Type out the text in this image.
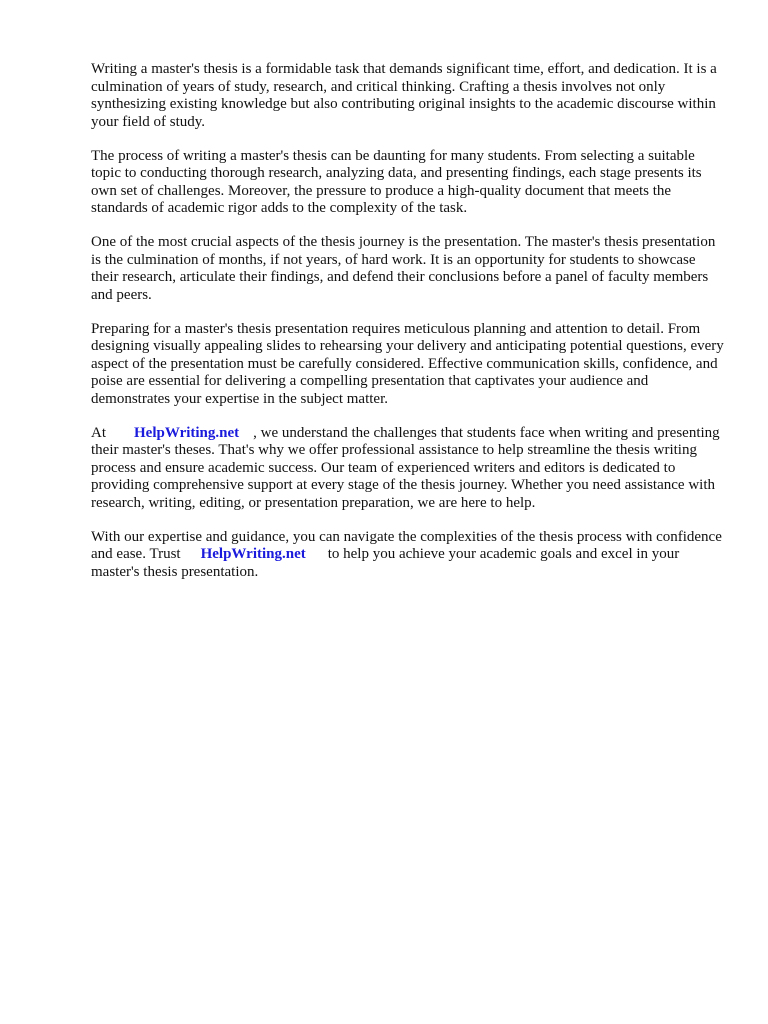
Writing a master's thesis is a formidable task that demands significant time, effort, and dedication. It is a culmination of years of study, research, and critical thinking. Crafting a thesis involves not only synthesizing existing knowledge but also contributing original insights to the academic discourse within your field of study.

The process of writing a master's thesis can be daunting for many students. From selecting a suitable topic to conducting thorough research, analyzing data, and presenting findings, each stage presents its own set of challenges. Moreover, the pressure to produce a high-quality document that meets the standards of academic rigor adds to the complexity of the task.

One of the most crucial aspects of the thesis journey is the presentation. The master's thesis presentation is the culmination of months, if not years, of hard work. It is an opportunity for students to showcase their research, articulate their findings, and defend their conclusions before a panel of faculty members and peers.

Preparing for a master's thesis presentation requires meticulous planning and attention to detail. From designing visually appealing slides to rehearsing your delivery and anticipating potential questions, every aspect of the presentation must be carefully considered. Effective communication skills, confidence, and poise are essential for delivering a compelling presentation that captivates your audience and demonstrates your expertise in the subject matter.

At HelpWriting.net , we understand the challenges that students face when writing and presenting their master's theses. That's why we offer professional assistance to help streamline the thesis writing process and ensure academic success. Our team of experienced writers and editors is dedicated to providing comprehensive support at every stage of the thesis journey. Whether you need assistance with research, writing, editing, or presentation preparation, we are here to help.

With our expertise and guidance, you can navigate the complexities of the thesis process with confidence and ease. Trust HelpWriting.net to help you achieve your academic goals and excel in your master's thesis presentation.
